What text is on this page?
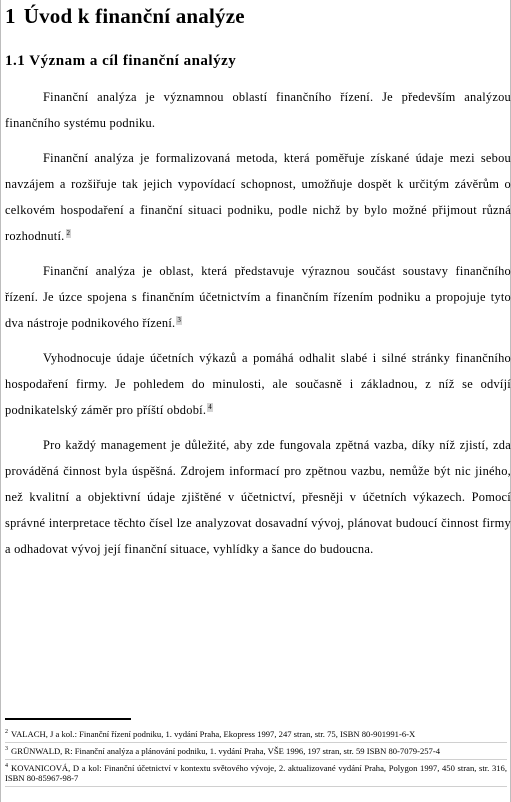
1 Úvod k finanční analýze
1.1 Význam a cíl finanční analýzy

Finanční analýza je významnou oblastí finančního řízení. Je především analýzou finančního systému podniku.

Finanční analýza je formalizovaná metoda, která poměřuje získané údaje mezi sebou navzájem a rozšiřuje tak jejich vypovídací schopnost, umožňuje dospět k určitým závěrům o celkovém hospodaření a finanční situaci podniku, podle nichž by bylo možné přijmout různá rozhodnutí. 2

Finanční analýza je oblast, která představuje výraznou součást soustavy finančního řízení. Je úzce spojena s finančním účetnictvím a finančním řízením podniku a propojuje tyto dva nástroje podnikového řízení. 3

Vyhodnocuje údaje účetních výkazů a pomáhá odhalit slabé i silné stránky finančního hospodaření firmy. Je pohledem do minulosti, ale současně i základnou, z níž se odvíjí podnikatelský záměr pro příští období. 4

Pro každý management je důležité, aby zde fungovala zpětná vazba, díky níž zjistí, zda prováděná činnost byla úspěšná. Zdrojem informací pro zpětnou vazbu, nemůže být nic jiného, než kvalitní a objektivní údaje zjištěné v účetnictví, přesněji v účetních výkazech. Pomocí správné interpretace těchto čísel lze analyzovat dosavadní vývoj, plánovat budoucí činnost firmy a odhadovat vývoj její finanční situace, vyhlídky a šance do budoucna.

$^2$ VALACH, J a kol.: Finanční řízení podniku, 1. vydání Praha, Ekopress 1997, 247 stran, str. 75, ISBN 80-901991-6-X

$^3$ GRÜNWALD, R: Finanční analýza a plánování podniku, 1. vydání Praha, VŠE 1996, 197 stran, str. 59 ISBN 80-7079-257-4

$^4$ KOVANICOVÁ, D a kol: Finanční účetnictví v kontextu světového vývoje, 2. aktualizované vydání Praha, Polygon 1997, 450 stran, str. 316, ISBN 80-85967-98-7
